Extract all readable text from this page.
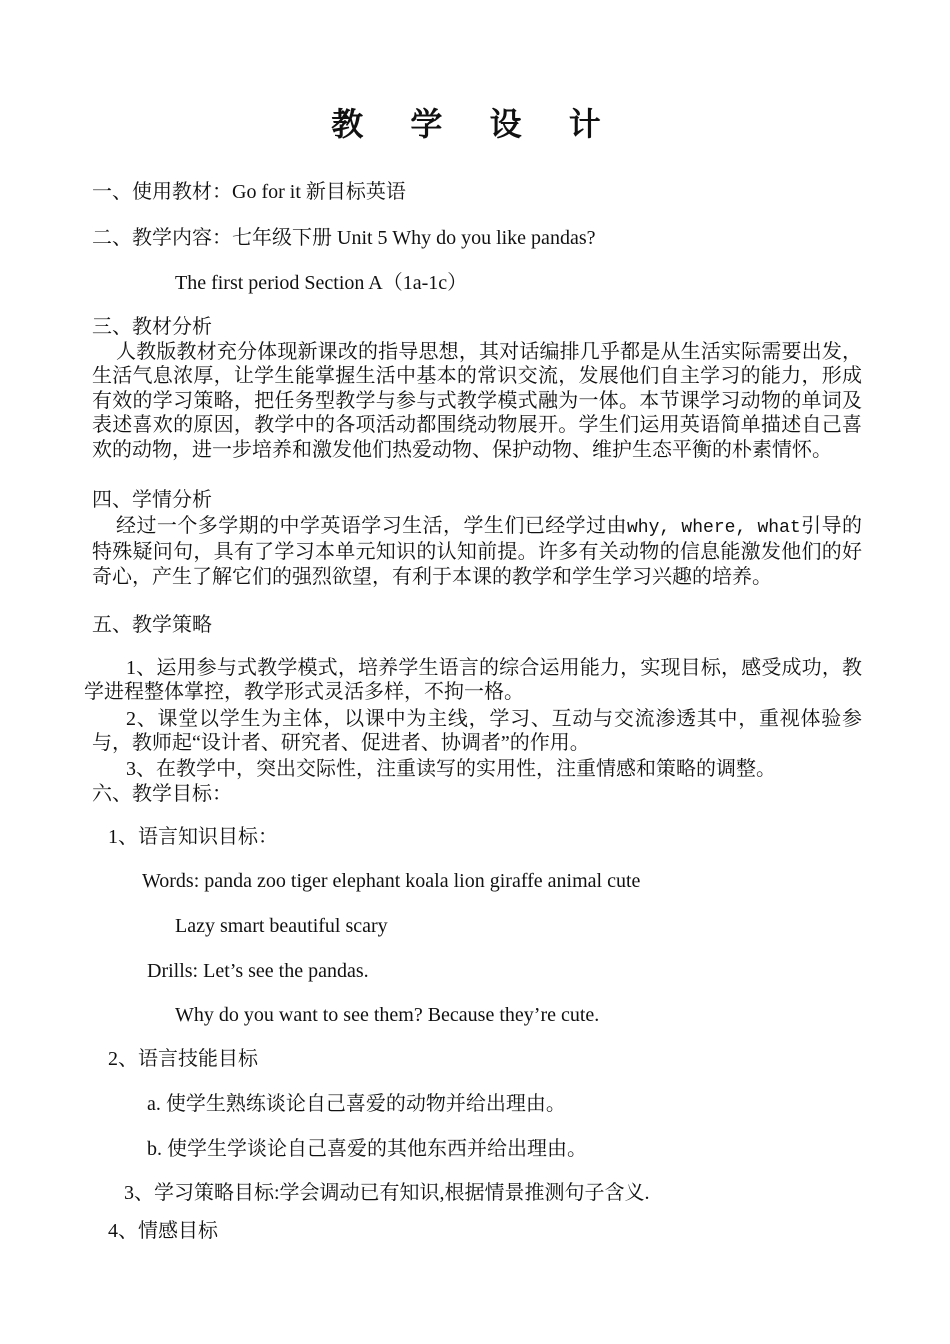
教 学 设 计
一、使用教材：Go for it 新目标英语
二、教学内容：七年级下册 Unit 5 Why do you like pandas?
The first period Section A（1a-1c）
三、教材分析
人教版教材充分体现新课改的指导思想，其对话编排几乎都是从生活实际需要出发，生活气息浓厚，让学生能掌握生活中基本的常识交流，发展他们自主学习的能力，形成有效的学习策略，把任务型教学与参与式教学模式融为一体。本节课学习动物的单词及表述喜欢的原因，教学中的各项活动都围绕动物展开。学生们运用英语简单描述自己喜欢的动物，进一步培养和激发他们热爱动物、保护动物、维护生态平衡的朴素情怀。
四、学情分析
经过一个多学期的中学英语学习生活，学生们已经学过由why, where, what引导的特殊疑问句，具有了学习本单元知识的认知前提。许多有关动物的信息能激发他们的好奇心，产生了解它们的强烈欲望，有利于本课的教学和学生学习兴趣的培养。
五、教学策略
1、运用参与式教学模式，培养学生语言的综合运用能力，实现目标，感受成功，教学进程整体掌控，教学形式灵活多样，不拘一格。
2、课堂以学生为主体，以课中为主线，学习、互动与交流渗透其中，重视体验参与，教师起“设计者、研究者、促进者、协调者”的作用。
3、在教学中，突出交际性，注重读写的实用性，注重情感和策略的调整。
六、教学目标：
1、语言知识目标：
Words: panda zoo tiger elephant koala lion giraffe animal cute
Lazy smart beautiful scary
Drills: Let’s see the pandas.
Why do you want to see them? Because they’re cute.
2、语言技能目标
a. 使学生熟练谈论自己喜爱的动物并给出理由。
b. 使学生学谈论自己喜爱的其他东西并给出理由。
3、学习策略目标:学会调动已有知识,根据情景推测句子含义.
4、情感目标
